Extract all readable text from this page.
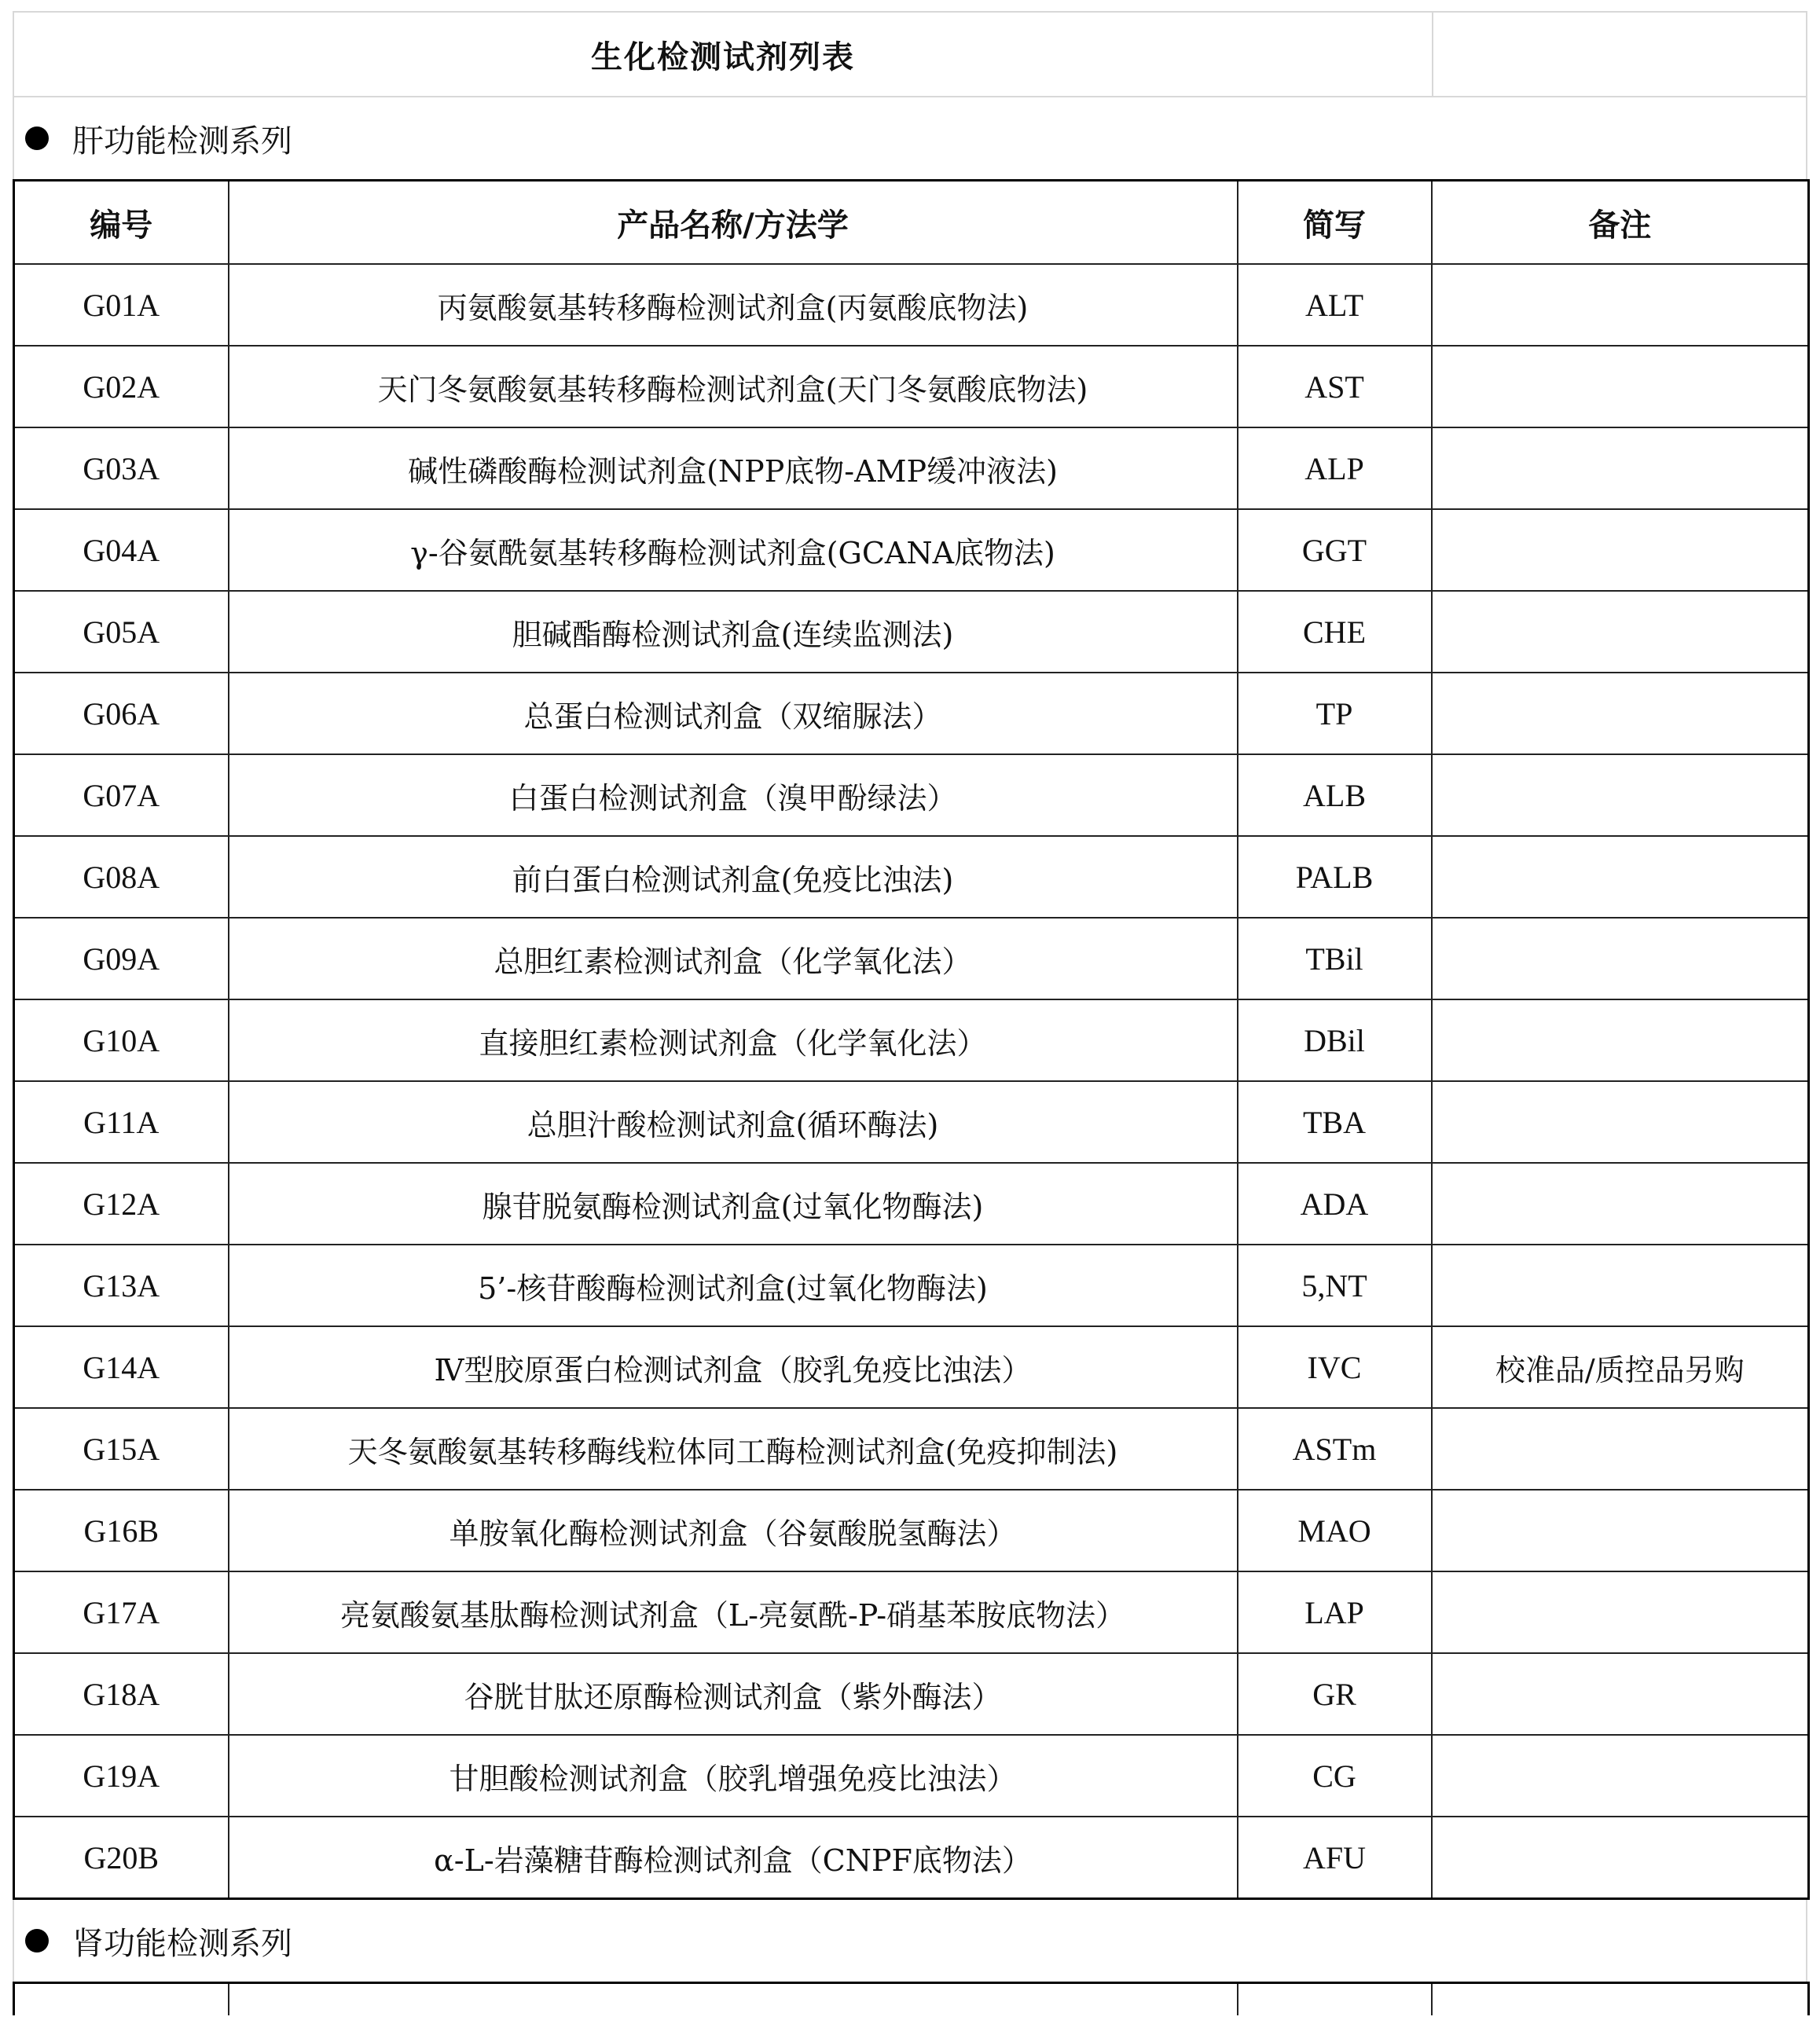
生化检测试剂列表
肝功能检测系列
编号	产品名称/方法学	简写	备注
G01A	丙氨酸氨基转移酶检测试剂盒(丙氨酸底物法)	ALT	
G02A	天门冬氨酸氨基转移酶检测试剂盒(天门冬氨酸底物法)	AST	
G03A	碱性磷酸酶检测试剂盒(NPP底物-AMP缓冲液法)	ALP	
G04A	γ-谷氨酰氨基转移酶检测试剂盒(GCANA底物法)	GGT	
G05A	胆碱酯酶检测试剂盒(连续监测法)	CHE	
G06A	总蛋白检测试剂盒（双缩脲法）	TP	
G07A	白蛋白检测试剂盒（溴甲酚绿法）	ALB	
G08A	前白蛋白检测试剂盒(免疫比浊法)	PALB	
G09A	总胆红素检测试剂盒（化学氧化法）	TBil	
G10A	直接胆红素检测试剂盒（化学氧化法）	DBil	
G11A	总胆汁酸检测试剂盒(循环酶法)	TBA	
G12A	腺苷脱氨酶检测试剂盒(过氧化物酶法)	ADA	
G13A	5’-核苷酸酶检测试剂盒(过氧化物酶法)	5,NT	
G14A	Ⅳ型胶原蛋白检测试剂盒（胶乳免疫比浊法）	IVC	校准品/质控品另购
G15A	天冬氨酸氨基转移酶线粒体同工酶检测试剂盒(免疫抑制法)	ASTm	
G16B	单胺氧化酶检测试剂盒（谷氨酸脱氢酶法）	MAO	
G17A	亮氨酸氨基肽酶检测试剂盒（L-亮氨酰-P-硝基苯胺底物法）	LAP	
G18A	谷胱甘肽还原酶检测试剂盒（紫外酶法）	GR	
G19A	甘胆酸检测试剂盒（胶乳增强免疫比浊法）	CG	
G20B	α-L-岩藻糖苷酶检测试剂盒（CNPF底物法）	AFU	
肾功能检测系列
